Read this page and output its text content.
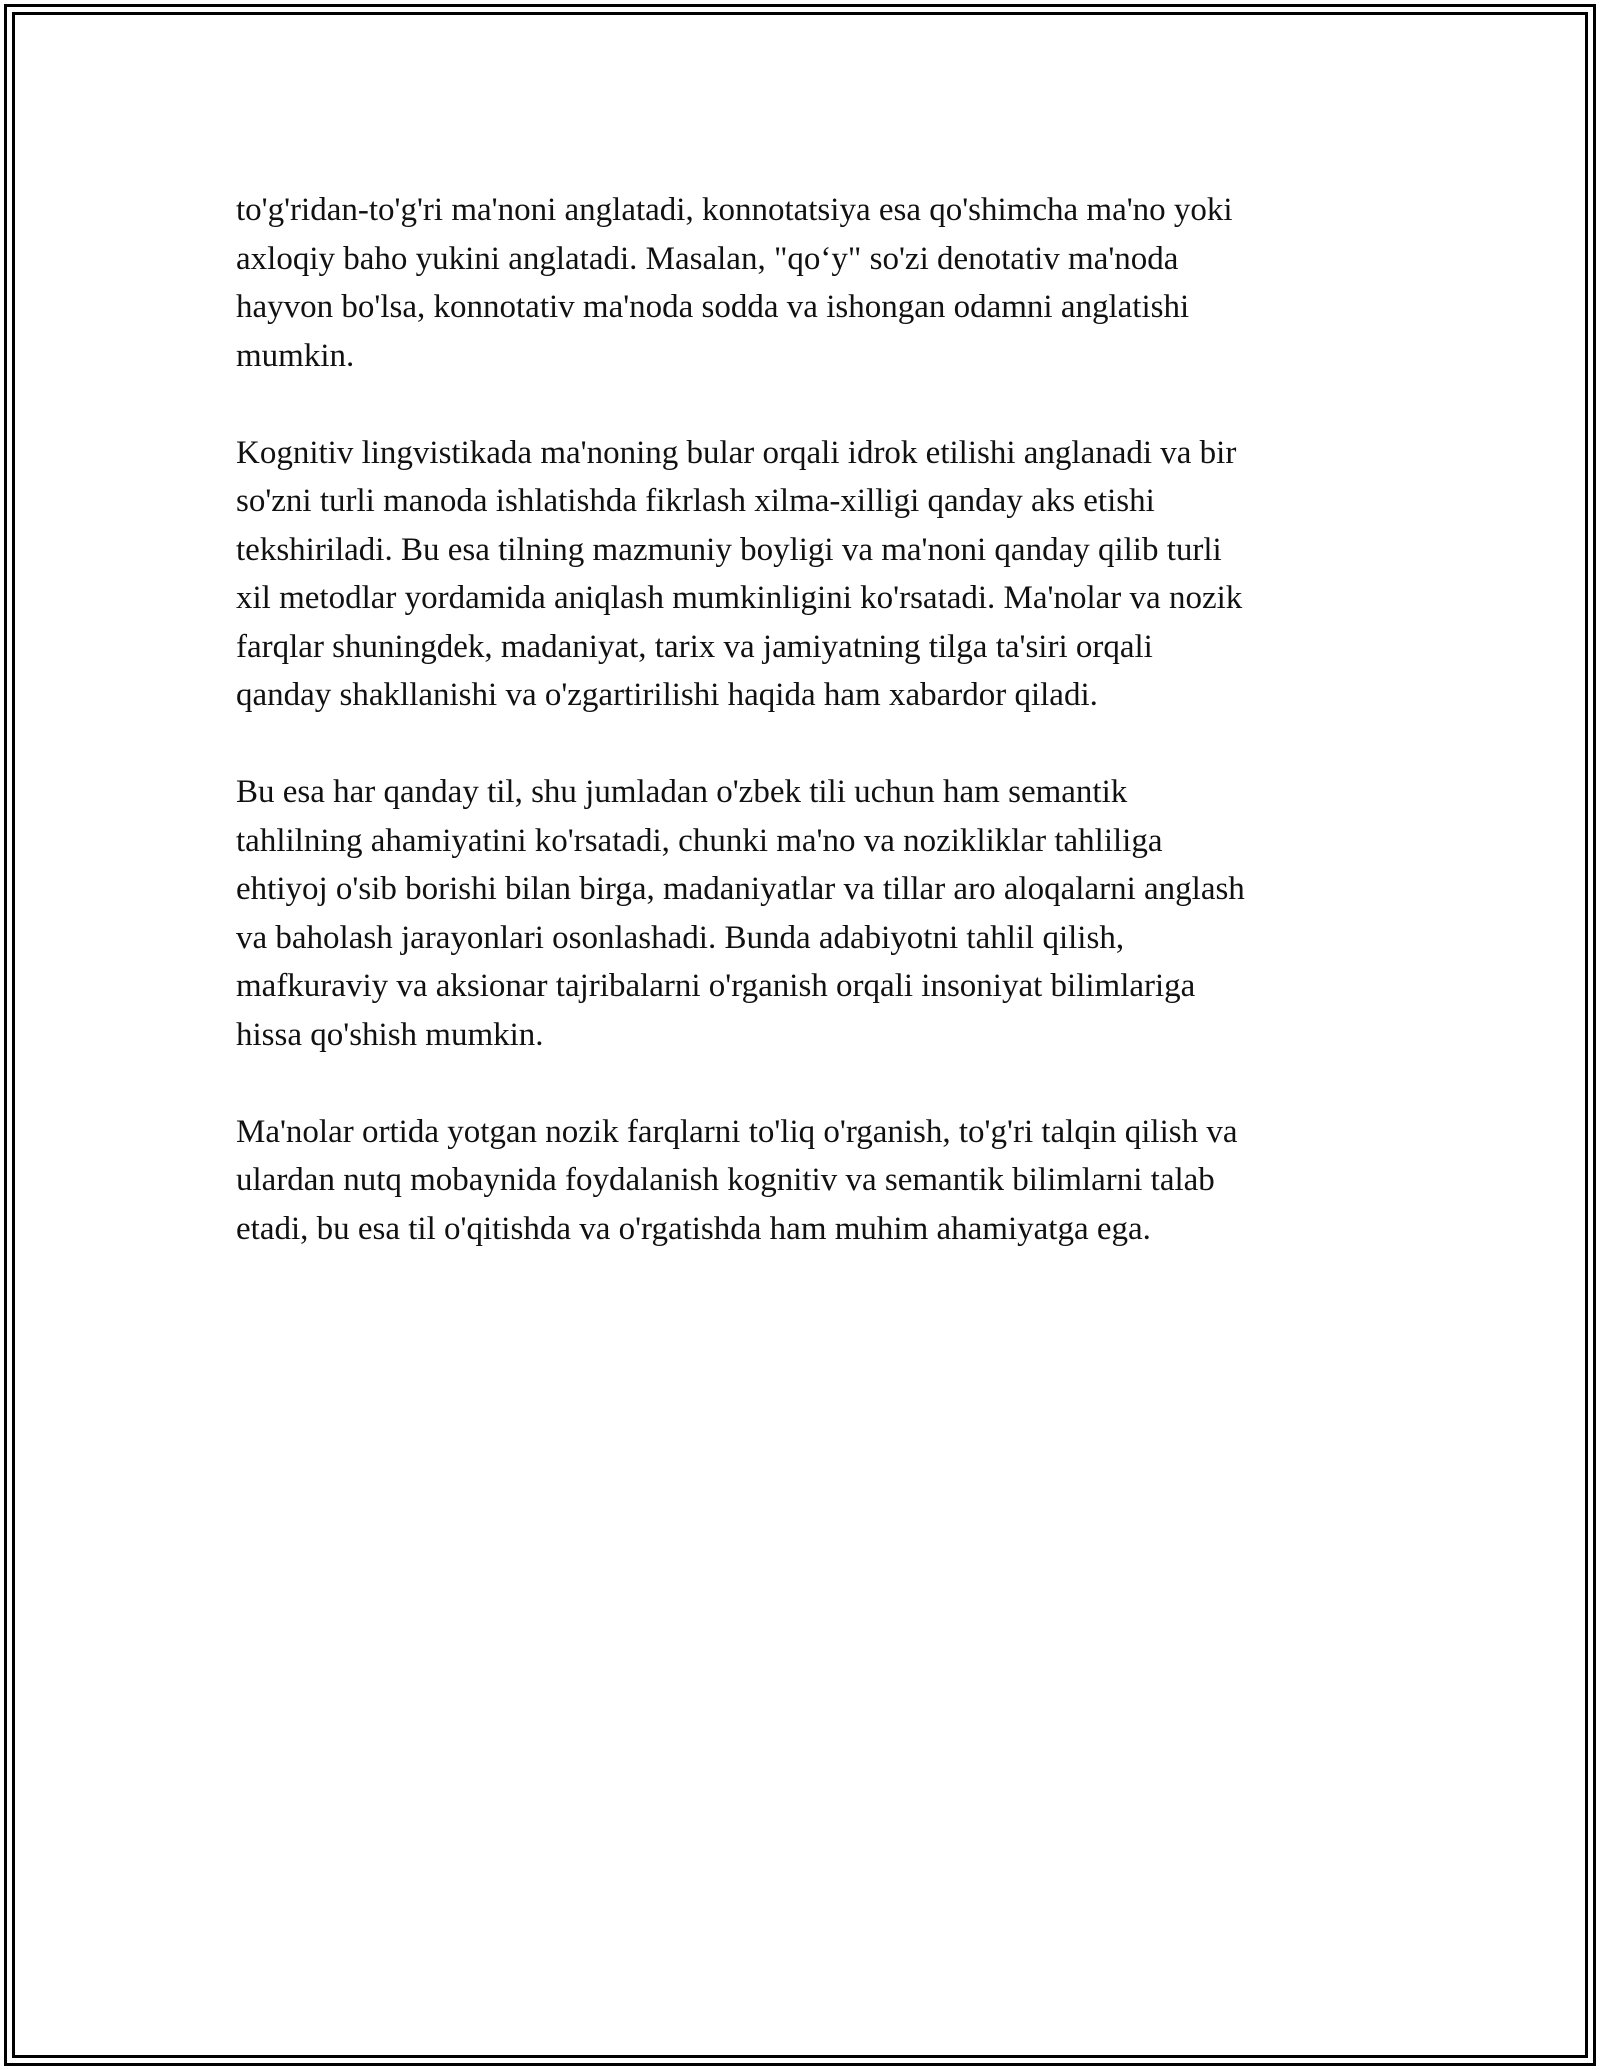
to'g'ridan-to'g'ri ma'noni anglatadi, konnotatsiya esa qo'shimcha ma'no yoki
axloqiy baho yukini anglatadi. Masalan, "qo‘y" so'zi denotativ ma'noda
hayvon bo'lsa, konnotativ ma'noda sodda va ishongan odamni anglatishi
mumkin.

Kognitiv lingvistikada ma'noning bular orqali idrok etilishi anglanadi va bir
so'zni turli manoda ishlatishda fikrlash xilma-xilligi qanday aks etishi
tekshiriladi. Bu esa tilning mazmuniy boyligi va ma'noni qanday qilib turli
xil metodlar yordamida aniqlash mumkinligini ko'rsatadi. Ma'nolar va nozik
farqlar shuningdek, madaniyat, tarix va jamiyatning tilga ta'siri orqali
qanday shakllanishi va o'zgartirilishi haqida ham xabardor qiladi.

Bu esa har qanday til, shu jumladan o'zbek tili uchun ham semantik
tahlilning ahamiyatini ko'rsatadi, chunki ma'no va nozikliklar tahliliga
ehtiyoj o'sib borishi bilan birga, madaniyatlar va tillar aro aloqalarni anglash
va baholash jarayonlari osonlashadi. Bunda adabiyotni tahlil qilish,
mafkuraviy va aksionar tajribalarni o'rganish orqali insoniyat bilimlariga
hissa qo'shish mumkin.

Ma'nolar ortida yotgan nozik farqlarni to'liq o'rganish, to'g'ri talqin qilish va
ulardan nutq mobaynida foydalanish kognitiv va semantik bilimlarni talab
etadi, bu esa til o'qitishda va o'rgatishda ham muhim ahamiyatga ega.
